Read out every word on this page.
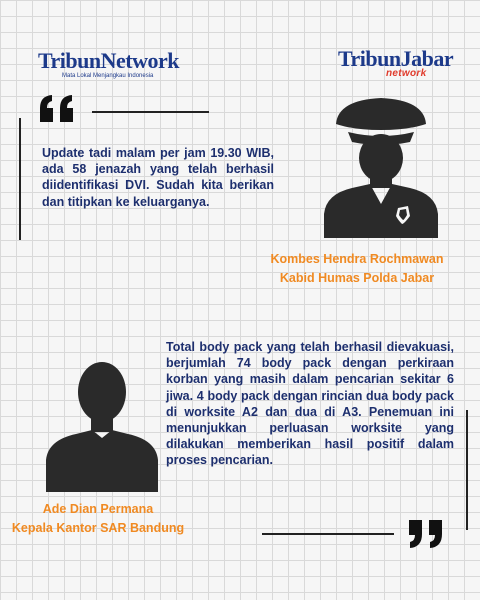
TribunNetwork
Mata Lokal Menjangkau Indonesia
TribunJabar
network
Update tadi malam per jam 19.30 WIB, ada 58 jenazah yang telah berhasil diidentifikasi DVI. Sudah kita berikan dan titipkan ke keluarganya.
Kombes Hendra Rochmawan
Kabid Humas Polda Jabar
Total body pack yang telah berhasil dievakuasi, berjumlah 74 body pack dengan perkiraan korban yang masih dalam pencarian sekitar 6 jiwa. 4 body pack dengan rincian dua body pack di worksite A2 dan dua di A3. Penemuan ini menunjukkan perluasan worksite yang dilakukan memberikan hasil positif dalam proses pencarian.
Ade Dian Permana
Kepala Kantor SAR Bandung
